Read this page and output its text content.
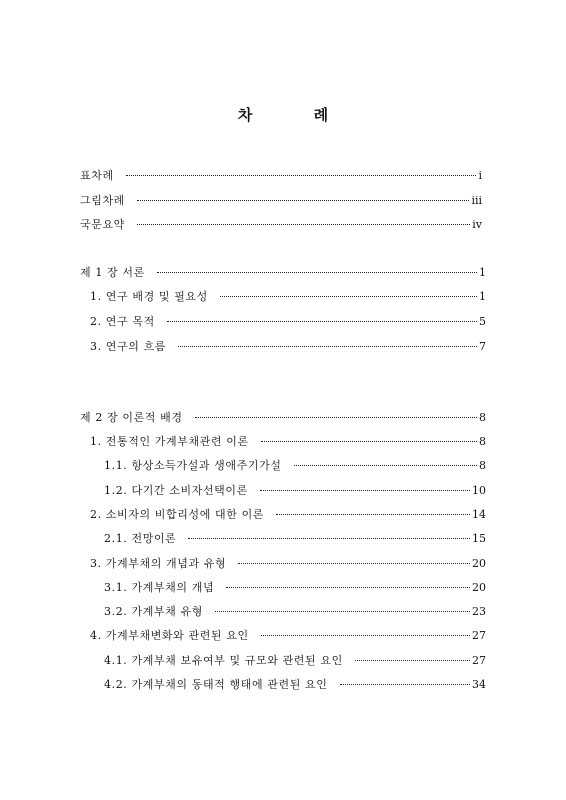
차 례
표차례	i
그림차례	iii
국문요약	iv
제 1 장 서론	1
1. 연구 배경 및 필요성	1
2. 연구 목적	5
3. 연구의 흐름	7
제 2 장 이론적 배경	8
1. 전통적인 가계부채관련 이론	8
1.1. 항상소득가설과 생애주기가설	8
1.2. 다기간 소비자선택이론	10
2. 소비자의 비합리성에 대한 이론	14
2.1. 전망이론	15
3. 가계부채의 개념과 유형	20
3.1. 가계부채의 개념	20
3.2. 가계부채 유형	23
4. 가계부채변화와 관련된 요인	27
4.1. 가계부채 보유여부 및 규모와 관련된 요인	27
4.2. 가계부채의 동태적 행태에 관련된 요인	34
